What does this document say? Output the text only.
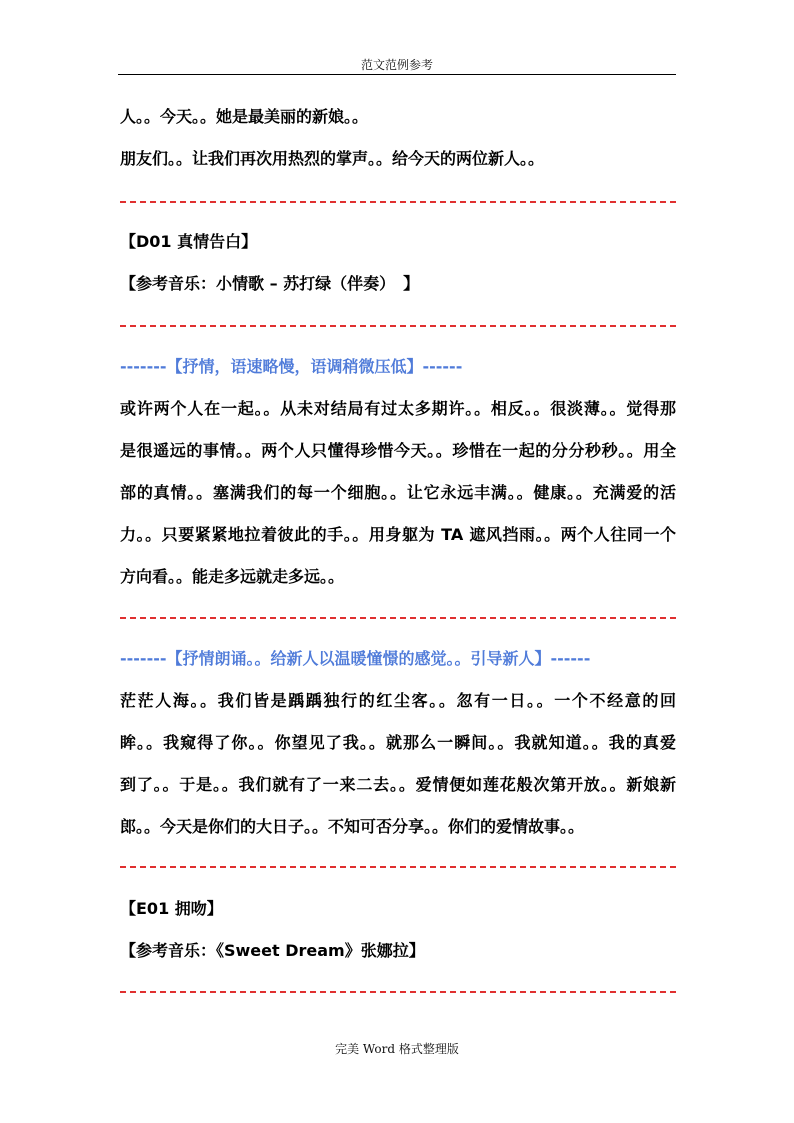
范文范例参考
人。。今天。。她是最美丽的新娘。。
朋友们。。让我们再次用热烈的掌声。。给今天的两位新人。。
【D01 真情告白】
【参考音乐：小情歌 – 苏打绿（伴奏）　】
-------【抒情，语速略慢，语调稍微压低】------
或许两个人在一起。。从未对结局有过太多期许。。相反。。很淡薄。。觉得那
是很遥远的事情。。两个人只懂得珍惜今天。。珍惜在一起的分分秒秒。。用全
部的真情。。塞满我们的每一个细胞。。让它永远丰满。。健康。。充满爱的活
力。。只要紧紧地拉着彼此的手。。用身躯为 TA 遮风挡雨。。两个人往同一个
方向看。。能走多远就走多远。。
-------【抒情朗诵。。给新人以温暖憧憬的感觉。。引导新人】------
茫茫人海。。我们皆是踽踽独行的红尘客。。忽有一日。。一个不经意的回
眸。。我窥得了你。。你望见了我。。就那么一瞬间。。我就知道。。我的真爱
到了。。于是。。我们就有了一来二去。。爱情便如莲花般次第开放。。新娘新
郎。。今天是你们的大日子。。不知可否分享。。你们的爱情故事。。
【E01 拥吻】
【参考音乐：《Sweet Dream》张娜拉】
完美 Word 格式整理版
